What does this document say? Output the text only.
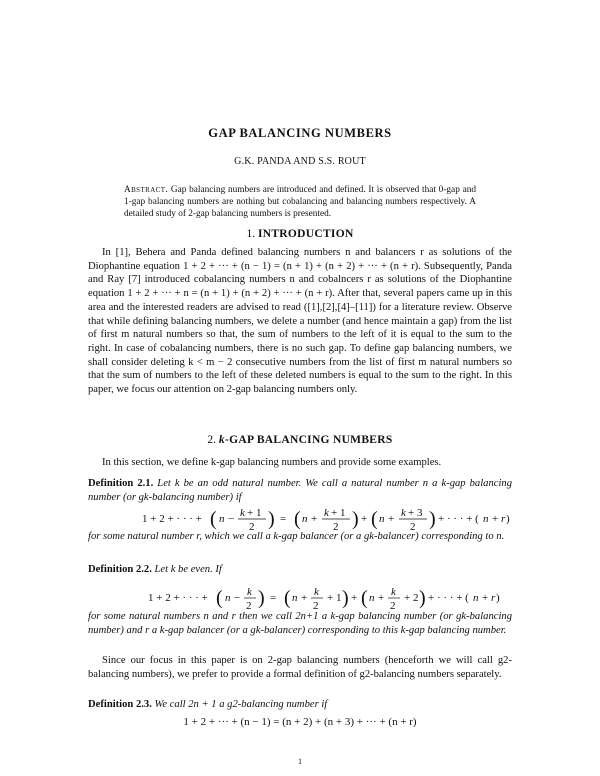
GAP BALANCING NUMBERS
G.K. PANDA AND S.S. ROUT
Abstract. Gap balancing numbers are introduced and defined. It is observed that 0-gap and 1-gap balancing numbers are nothing but cobalancing and balancing numbers respectively. A detailed study of 2-gap balancing numbers is presented.
1. INTRODUCTION
In [1], Behera and Panda defined balancing numbers n and balancers r as solutions of the Diophantine equation 1 + 2 + ··· + (n − 1) = (n + 1) + (n + 2) + ··· + (n + r). Subsequently, Panda and Ray [7] introduced cobalancing numbers n and cobalncers r as solutions of the Diophantine equation 1 + 2 + ··· + n = (n + 1) + (n + 2) + ··· + (n + r). After that, several papers came up in this area and the interested readers are advised to read ([1],[2],[4]–[11]) for a literature review. Observe that while defining balancing numbers, we delete a number (and hence maintain a gap) from the list of first m natural numbers so that, the sum of numbers to the left of it is equal to the sum to the right. In case of cobalancing numbers, there is no such gap. To define gap balancing numbers, we shall consider deleting k < m − 2 consecutive numbers from the list of first m natural numbers so that the sum of numbers to the left of these deleted numbers is equal to the sum to the right. In this paper, we focus our attention on 2-gap balancing numbers only.
2. k-GAP BALANCING NUMBERS
In this section, we define k-gap balancing numbers and provide some examples.
Definition 2.1. Let k be an odd natural number. We call a natural number n a k-gap balancing number (or gk-balancing number) if
1 + 2 + · · · + ( n − k + 1
2 ) = ( n + k + 1
2 ) + ( n + k + 3
2 ) + · · · + ( n + r )
for some natural number r, which we call a k-gap balancer (or a gk-balancer) corresponding to n.
Definition 2.2. Let k be even. If
1 + 2 + · · · + ( n − k
2 ) = ( n + k
2
+ 1 ) + ( n + k
2
+ 2 ) + · · · + ( n + r )
for some natural numbers n and r then we call 2n+1 a k-gap balancing number (or gk-balancing number) and r a k-gap balancer (or a gk-balancer) corresponding to this k-gap balancing number.
Since our focus in this paper is on 2-gap balancing numbers (henceforth we will call g2-balancing numbers), we prefer to provide a formal definition of g2-balancing numbers separately.
Definition 2.3. We call 2n + 1 a g2-balancing number if
1 + 2 + ··· + (n − 1) = (n + 2) + (n + 3) + ··· + (n + r)
1
